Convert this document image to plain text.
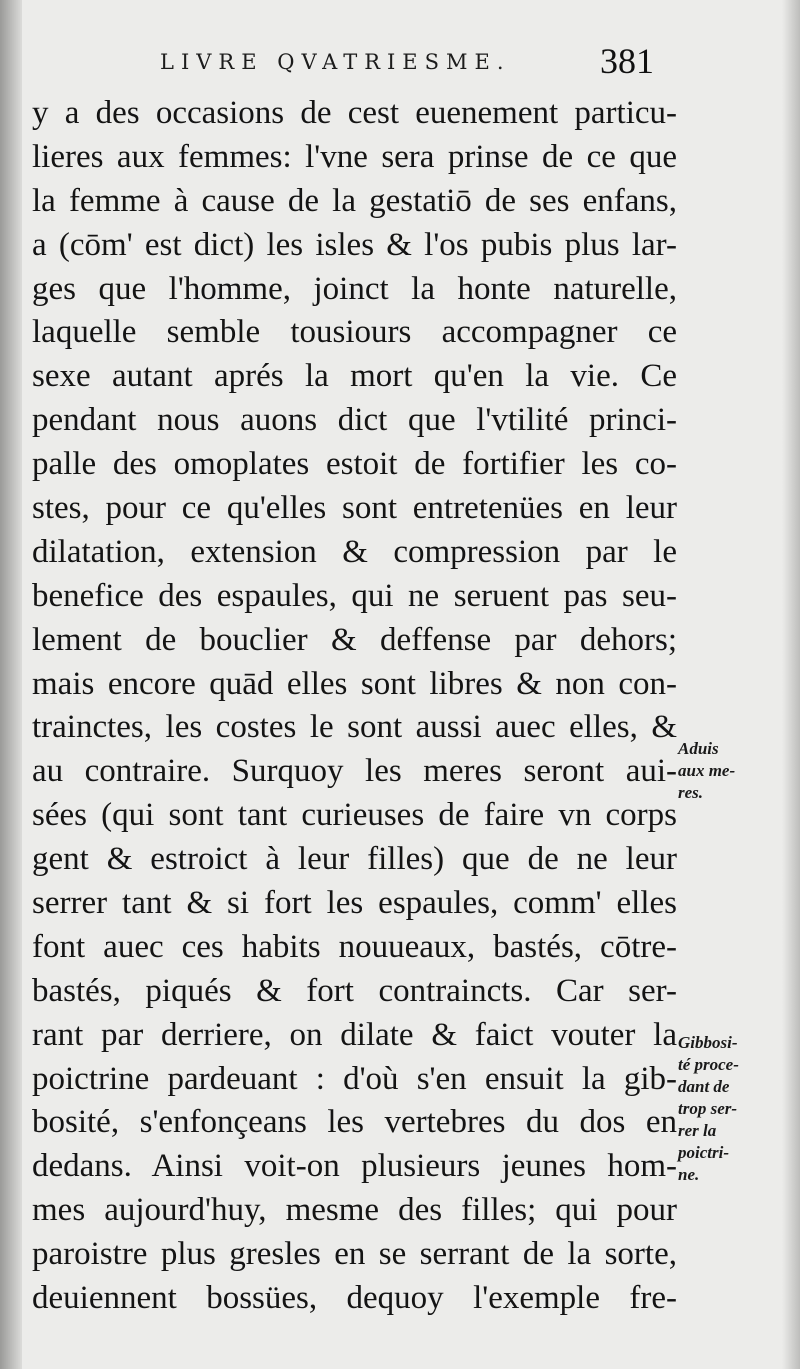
LIVRE QVATRIESME. 381
y a des occasions de cest euenement particu-
lieres aux femmes: l'vne sera prinse de ce que
la femme à cause de la gestatiō de ses enfans,
a (cōm' est dict) les isles & l'os pubis plus lar-
ges que l'homme, joinct la honte naturelle,
laquelle semble tousiours accompagner ce
sexe autant aprés la mort qu'en la vie. Ce
pendant nous auons dict que l'vtilité princi-
palle des omoplates estoit de fortifier les co-
stes, pour ce qu'elles sont entretenües en leur
dilatation, extension & compression par le
benefice des espaules, qui ne seruent pas seu-
lement de bouclier & deffense par dehors;
mais encore quād elles sont libres & non con-
trainctes, les costes le sont aussi auec elles, &
au contraire. Surquoy les meres seront aui-
sées (qui sont tant curieuses de faire vn corps
gent & estroict à leur filles) que de ne leur
serrer tant & si fort les espaules, comm' elles
font auec ces habits nouueaux, bastés, cōtre-
bastés, piqués & fort contraincts. Car ser-
rant par derriere, on dilate & faict vouter la
poictrine pardeuant : d'où s'en ensuit la gib-
bosité, s'enfonçeans les vertebres du dos en
dedans. Ainsi voit-on plusieurs jeunes hom-
mes aujourd'huy, mesme des filles; qui pour
paroistre plus gresles en se serrant de la sorte,
deuiennent bossües, dequoy l'exemple fre-
Aduis
aux me-
res.
Gibbosi-
té proce-
dant de
trop ser-
rer la
poictri-
ne.
